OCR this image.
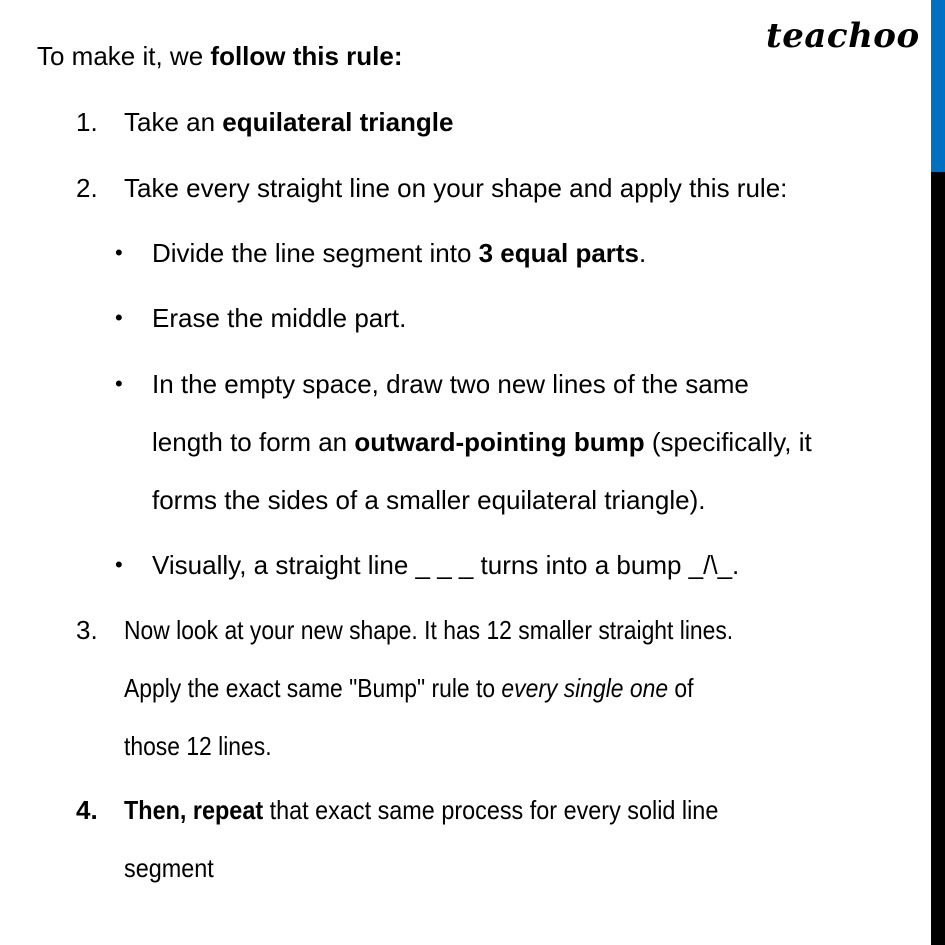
teachoo
To make it, we follow this rule:
1. Take an equilateral triangle
2. Take every straight line on your shape and apply this rule:
• Divide the line segment into 3 equal parts.
• Erase the middle part.
• In the empty space, draw two new lines of the same
length to form an outward-pointing bump (specifically, it
forms the sides of a smaller equilateral triangle).
• Visually, a straight line _ _ _ turns into a bump _/\_.
3. Now look at your new shape. It has 12 smaller straight lines.
Apply the exact same "Bump" rule to every single one of
those 12 lines.
4. Then, repeat that exact same process for every solid line
segment
